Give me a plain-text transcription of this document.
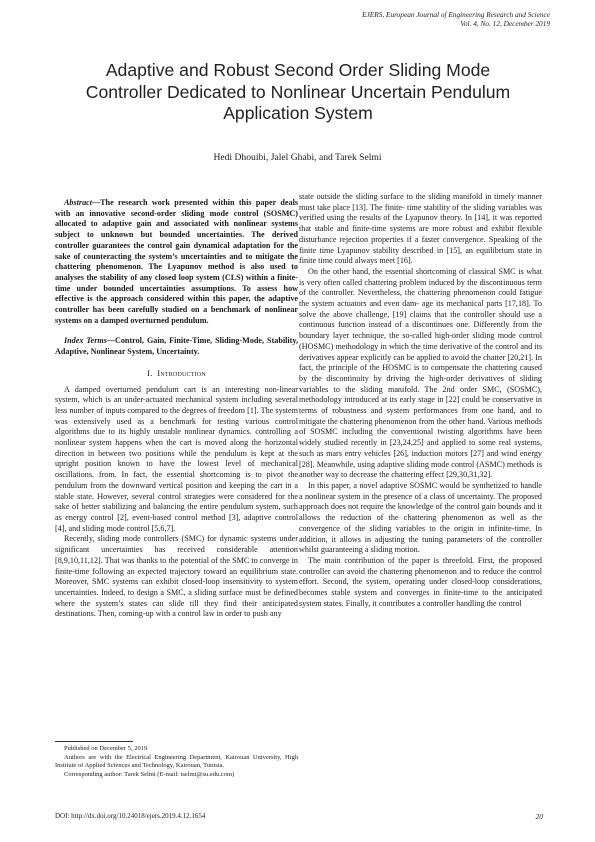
EJERS, European Journal of Engineering Research and Science
Vol. 4, No. 12, December 2019
Adaptive and Robust Second Order Sliding Mode
Controller Dedicated to Nonlinear Uncertain Pendulum
Application System
Hedi Dhouibi, Jalel Ghabi, and Tarek Selmi

Abstract—The research work presented within this paper deals with an innovative second-order sliding mode control (SOSMC) allocated to adaptive gain and associated with nonlinear systems subject to unknown but bounded uncertainties. The derived controller guarantees the control gain dynamical adaptation for the sake of counteracting the system’s uncertainties and to mitigate the chattering phenomenon. The Lyapunov method is also used to analyses the stability of any closed loop system (CLS) within a finite-time under bounded uncertainties assumptions. To assess how effective is the approach considered within this paper, the adaptive controller has been carefully studied on a benchmark of nonlinear systems on a damped overturned pendulum.

Index Terms—Control, Gain, Finite-Time, Sliding-Mode, Stability, Adaptive, Nonlinear System, Uncertainty.

I. Introduction

A damped overturned pendulum cart is an interesting non-linear system, which is an under-actuated mechanical system including several less number of inputs compared to the degrees of freedom [1]. The system was extensively used as a benchmark for testing various control algorithms due to its highly unstable nonlinear dynamics. controlling a nonlinear system happens when the cart is moved along the horizontal direction in between two positions while the pendulum is kept at the upright position known to have the lowest level of mechanical oscillations. from. In fact, the essential shortcoming is to pivot the pendulum from the downward vertical position and keeping the cart in a stable state. However, several control strategies were considered for the sake of better stabilizing and balancing the entire pendulum system, such as energy control [2], event-based control method [3], adaptive control [4], and sliding mode control [5,6,7].

Recently, sliding mode controllers (SMC) for dynamic systems under significant uncertainties has received considerable attention [8,9,10,11,12]. That was thanks to the potential of the SMC to converge in finite-time following an expected trajectory toward an equilibrium state. Moreover, SMC systems can exhibit closed-loop insensitivity to system uncertainties. Indeed, to design a SMC, a sliding surface must be defined where the system’s states can slide till they find their anticipated destinations. Then, coming-up with a control law in order to push any

state outside the sliding surface to the sliding manifold in timely manner must take place [13]. The finite- time stability of the sliding variables was verified using the results of the Lyapunov theory. In [14], it was reported that stable and finite-time systems are more robust and exhibit flexible disturbance rejection properties if a faster convergence. Speaking of the finite time Lyapunov stability described in [15], an equilibrium state in finite time could always meet [16].

On the other hand, the essential shortcoming of classical SMC is what is very often called chattering problem induced by the discontinuous term of the controller. Nevertheless, the chattering phenomenon could fatigue the system actuators and even dam- age its mechanical parts [17,18]. To solve the above challenge, [19] claims that the controller should use a continuous function instead of a discontinues one. Differently from the boundary layer technique, the so-called high-order sliding mode control (HOSMC) methodology in which the time derivative of the control and its derivatives appear explicitly can be applied to avoid the chatter [20,21]. In fact, the principle of the HOSMC is to compensate the chattering caused by the discontinuity by driving the high-order derivatives of sliding variables to the sliding manifold. The 2nd order SMC, (SOSMC), methodology introduced at its early stage in [22] could be conservative in terms of robustness and system performances from one hand, and to mitigate the chattering phenomenon from the other hand. Various methods of SOSMC including the conventional twisting algorithms have been widely studied recently in [23,24,25] and applied to some real systems, such as mars entry vehicles [26], induction motors [27] and wind energy [28]. Meanwhile, using adaptive sliding mode control (ASMC) methods is another way to decrease the chattering effect [29,30,31,32].

In this paper, a novel adaptive SOSMC would be synthetized to handle a nonlinear system in the presence of a class of uncertainty. The proposed approach does not require the knowledge of the control gain bounds and it allows the reduction of the chattering phenomenon as well as the convergence of the sliding variables to the origin in infinite-time. In addition, it allows in adjusting the tuning parameters of the controller whilst guaranteeing a sliding motion.

The main contribution of the paper is threefold. First, the proposed controller can avoid the chattering phenomenon and to reduce the control effort. Second, the system, operating under closed-loop considerations, becomes stable system and converges in finite-time to the anticipated system states. Finally, it contributes a controller handling the control

Published on December 5, 2019

Authors are with the Electrical Engineering Department, Kairouan University, High Institute of Applied Sciences and Technology, Kairouan, Tunisia.

Corresponding author: Tarek Selmi (E-mail: tselmi@su.edu.com)

DOI: http://dx.doi.org/10.24018/ejers.2019.4.12.1654	20
